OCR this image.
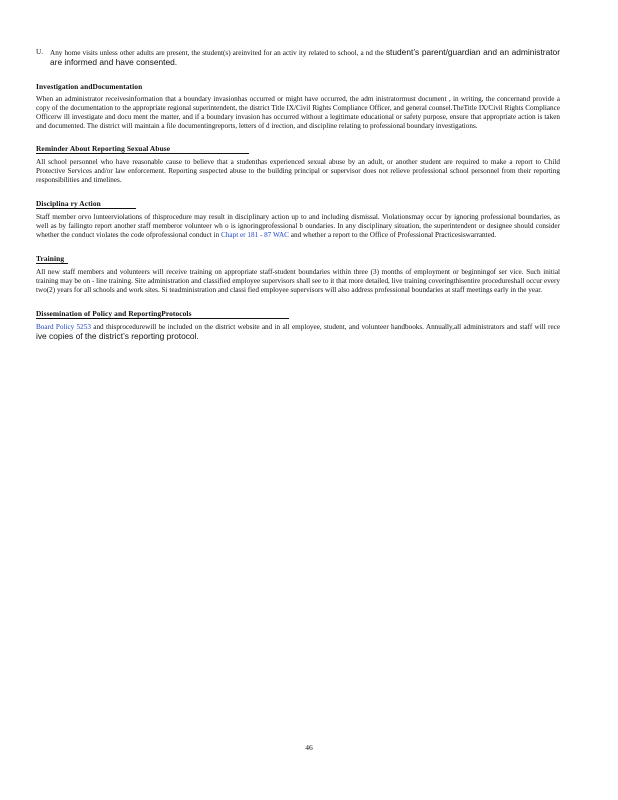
U. Any home visits unless other adults are present, the student(s) areinvited for an activ ity related to school, a nd the student’s parent/guardian and an administrator are informed and have consented.

Investigation andDocumentation

When an administrator receivesinformation that a boundary invasionhas occurred or might have occurred, the adm inistratormust document , in writing, the concernand provide a copy of the documentation to the appropriate regional superintendent, the district Title IX/Civil Rights Compliance Officer, and general counsel.TheTitle IX/Civil Rights Compliance Officerw ill investigate and docu ment the matter, and if a boundary invasion has occurred without a legitimate educational or safety purpose, ensure that appropriate action is taken and documented. The district will maintain a file documentingreports, letters of d irection, and discipline relating to professional boundary investigations.

Reminder About Reporting Sexual Abuse

All school personnel who have reasonable cause to believe that a studenthas experienced sexual abuse by an adult, or another student are required to make a report to Child Protective Services and/or law enforcement. Reporting suspected abuse to the building principal or supervisor does not relieve professional school personnel from their reporting responsibilities and timelines.

Disciplina ry Action

Staff member orvo lunteerviolations of thisprocedure may result in disciplinary action up to and including dismissal. Violationsmay occur by ignoring professional boundaries, as well as by failingto report another staff memberor volunteer wh o is ignoringprofessional b oundaries. In any disciplinary situation, the superintendent or designee should consider whether the conduct violates the code ofprofessional conduct in Chapt er 181 - 87 WAC and whether a report to the Office of Professional Practicesiswarranted.

Training

All new staff members and volunteers will receive training on appropriate staff-student boundaries within three (3) months of employment or beginningof ser vice. Such initial training may be on - line training. Site administration and classified employee supervisors shall see to it that more detailed, live training coveringthisentire procedureshall occur every two(2) years for all schools and work sites. Si teadministration and classi fied employee supervisors will also address professional boundaries at staff meetings early in the year.

Dissemination of Policy and ReportingProtocols

Board Policy 5253 and thisprocedurewill be included on the district website and in all employee, student, and volunteer handbooks. Annually,all administrators and staff will rece ive copies of the district’s reporting protocol.

46
